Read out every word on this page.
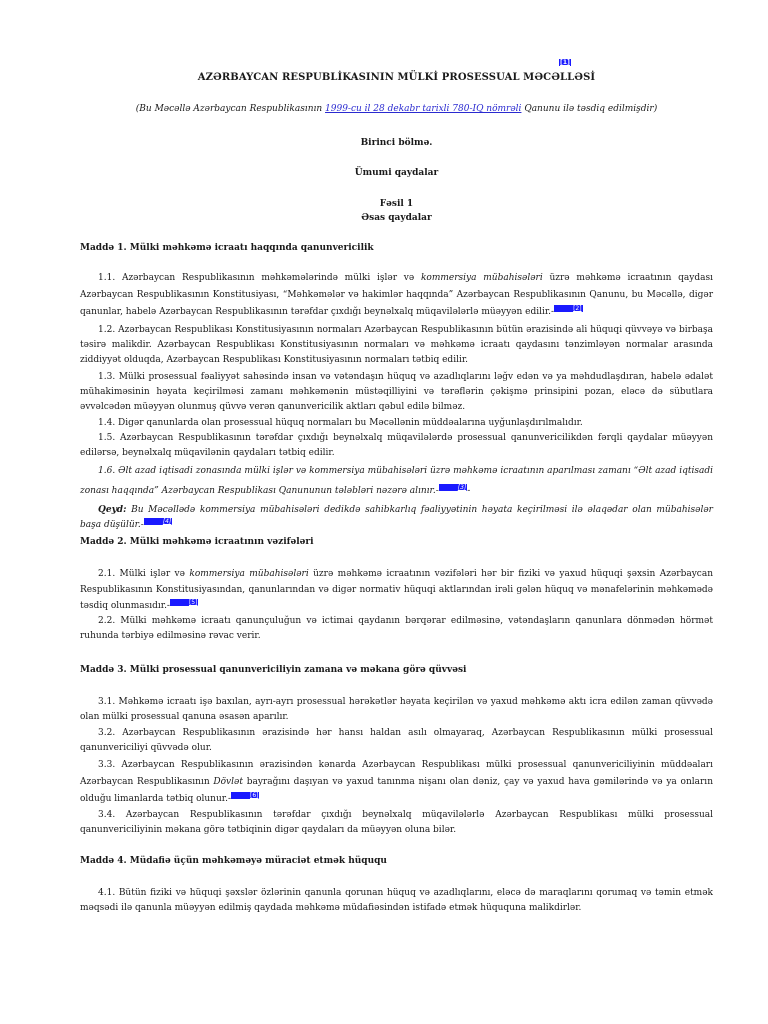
AZƏRBAYCAN RESPUBLİKASININ MÜLKİ PROSESSUAL MƏCƏLLƏSİ
[1]
(Bu Məcəllə Azərbaycan Respublikasının 1999-cu il 28 dekabr tarixli 780-IQ nömrəli Qanunu ilə təsdiq edilmişdir)
Birinci bölmə.
Ümumi qaydalar
Fəsil 1
Əsas qaydalar
Maddə 1. Mülki məhkəmə icraatı haqqında qanunvericilik

1.1. Azərbaycan Respublikasının məhkəmələrində mülki işlər və kommersiya mübahisələri üzrə məhkəmə icraatının qaydası Azərbaycan Respublikasının Konstitusiyası, “Məhkəmələr və hakimlər haqqında” Azərbaycan Respublikasının Qanunu, bu Məcəllə, digər qanunlar, habelə Azərbaycan Respublikasının tərəfdar çıxdığı beynəlxalq müqavilələrlə müəyyən edilir.-	[2]

1.2. Azərbaycan Respublikası Konstitusiyasının normaları Azərbaycan Respublikasının bütün ərazisində ali hüquqi qüvvəyə və birbaşa təsirə malikdir. Azərbaycan Respublikası Konstitusiyasının normaları və məhkəmə icraatı qaydasını tənzimləyən normalar arasında ziddiyyət olduqda, Azərbaycan Respublikası Konstitusiyasının normaları tətbiq edilir.

1.3. Mülki prosessual fəaliyyət sahəsində insan və vətəndaşın hüquq və azadlıqlarını ləğv edən və ya məhdudlaşdıran, habelə ədalət mühakiməsinin həyata keçirilməsi zamanı məhkəmənin müstəqilliyini və tərəflərin çəkişmə prinsipini pozan, eləcə də sübutlara əvvəlcədən müəyyən olunmuş qüvvə verən qanunvericilik aktları qəbul edilə bilməz.

1.4. Digər qanunlarda olan prosessual hüquq normaları bu Məcəllənin müddəalarına uyğunlaşdırılmalıdır.

1.5. Azərbaycan Respublikasının tərəfdar çıxdığı beynəlxalq müqavilələrdə prosessual qanunvericilikdən fərqli qaydalar müəyyən edilərsə, beynəlxalq müqavilənin qaydaları tətbiq edilir.

1.6. Əlt azad iqtisadi zonasında mülki işlər və kommersiya mübahisələri üzrə məhkəmə icraatının aparılması zamanı “Əlt azad iqtisadi zonası haqqında” Azərbaycan Respublikası Qanununun tələbləri nəzərə alınır.-	[3]-

Qeyd: Bu Məcəllədə kommersiya mübahisələri dedikdə sahibkarlıq fəaliyyətinin həyata keçirilməsi ilə əlaqədar olan mübahisələr başa düşülür.-	[4]

Maddə 2. Mülki məhkəmə icraatının vəzifələri

2.1. Mülki işlər və kommersiya mübahisələri üzrə məhkəmə icraatının vəzifələri hər bir fiziki və yaxud hüquqi şəxsin Azərbaycan Respublikasının Konstitusiyasından, qanunlarından və digər normativ hüquqi aktlarından irəli gələn hüquq və mənafelərinin məhkəmədə təsdiq olunmasıdır.-	[5]

2.2. Mülki məhkəmə icraatı qanunçuluğun və ictimai qaydanın bərqərar edilməsinə, vətəndaşların qanunlara dönmədən hörmət ruhunda tərbiyə edilməsinə rəvac verir.

Maddə 3. Mülki prosessual qanunvericiliyin zamana və məkana görə qüvvəsi

3.1. Məhkəmə icraatı işə baxılan, ayrı-ayrı prosessual hərəkətlər həyata keçirilən və yaxud məhkəmə aktı icra edilən zaman qüvvədə olan mülki prosessual qanuna əsasən aparılır.

3.2. Azərbaycan Respublikasının ərazisində hər hansı haldan asılı olmayaraq, Azərbaycan Respublikasının mülki prosessual qanunvericiliyi qüvvədə olur.

3.3. Azərbaycan Respublikasının ərazisindən kənarda Azərbaycan Respublikası mülki prosessual qanunvericiliyinin müddəaları Azərbaycan Respublikasının Dövlət bayrağını daşıyan və yaxud tanınma nişanı olan dəniz, çay və yaxud hava gəmilərində və ya onların olduğu limanlarda tətbiq olunur.-	[6]

3.4. Azərbaycan Respublikasının tərəfdar çıxdığı beynəlxalq müqavilələrlə Azərbaycan Respublikası mülki prosessual qanunvericiliyinin məkana görə tətbiqinin digər qaydaları da müəyyən oluna bilər.

Maddə 4. Müdafiə üçün məhkəməyə müraciət etmək hüququ

4.1. Bütün fiziki və hüquqi şəxslər özlərinin qanunla qorunan hüquq və azadlıqlarını, eləcə də maraqlarını qorumaq və təmin etmək məqsədi ilə qanunla müəyyən edilmiş qaydada məhkəmə müdafiəsindən istifadə etmək hüququna malikdirlər.
